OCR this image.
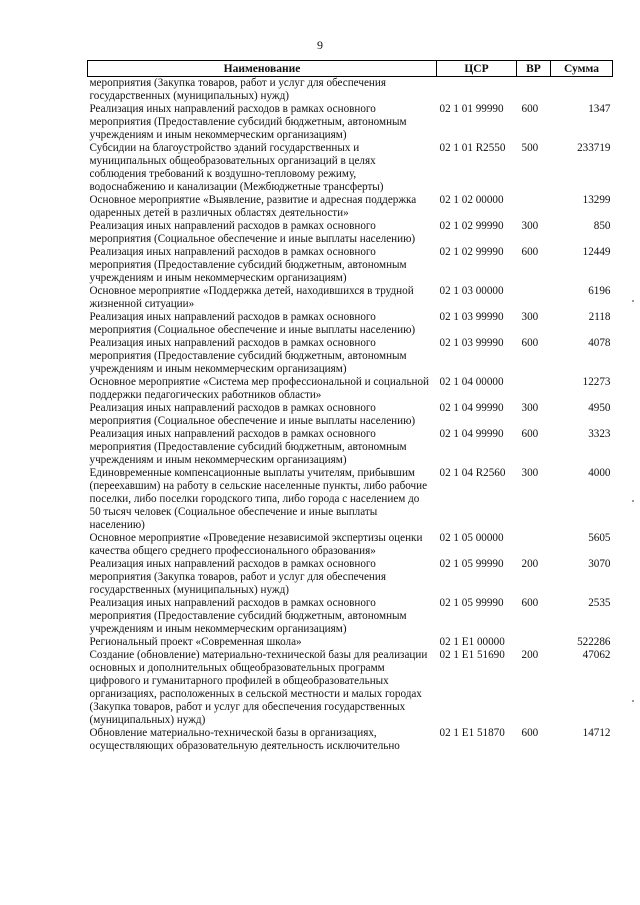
9
Наименование	ЦСР	ВР	Сумма
мероприятия (Закупка товаров, работ и услуг для обеспечения государственных (муниципальных) нужд)			
Реализация иных направлений расходов в рамках основного мероприятия (Предоставление субсидий бюджетным, автономным учреждениям и иным некоммерческим организациям)	02 1 01 99990	600	1347
Субсидии на благоустройство зданий государственных и муниципальных общеобразовательных организаций в целях соблюдения требований к воздушно-тепловому режиму, водоснабжению и канализации (Межбюджетные трансферты)	02 1 01 R2550	500	233719
Основное мероприятие «Выявление, развитие и адресная поддержка одаренных детей в различных областях деятельности»	02 1 02 00000		13299
Реализация иных направлений расходов в рамках основного мероприятия (Социальное обеспечение и иные выплаты населению)	02 1 02 99990	300	850
Реализация иных направлений расходов в рамках основного мероприятия (Предоставление субсидий бюджетным, автономным учреждениям и иным некоммерческим организациям)	02 1 02 99990	600	12449
Основное мероприятие «Поддержка детей, находившихся в трудной жизненной ситуации»	02 1 03 00000		6196
Реализация иных направлений расходов в рамках основного мероприятия (Социальное обеспечение и иные выплаты населению)	02 1 03 99990	300	2118
Реализация иных направлений расходов в рамках основного мероприятия (Предоставление субсидий бюджетным, автономным учреждениям и иным некоммерческим организациям)	02 1 03 99990	600	4078
Основное мероприятие «Система мер профессиональной и социальной поддержки педагогических работников области»	02 1 04 00000		12273
Реализация иных направлений расходов в рамках основного мероприятия (Социальное обеспечение и иные выплаты населению)	02 1 04 99990	300	4950
Реализация иных направлений расходов в рамках основного мероприятия (Предоставление субсидий бюджетным, автономным учреждениям и иным некоммерческим организациям)	02 1 04 99990	600	3323
Единовременные компенсационные выплаты учителям, прибывшим (переехавшим) на работу в сельские населенные пункты, либо рабочие поселки, либо поселки городского типа, либо города с населением до 50 тысяч человек (Социальное обеспечение и иные выплаты населению)	02 1 04 R2560	300	4000
Основное мероприятие «Проведение независимой экспертизы оценки качества общего среднего профессионального образования»	02 1 05 00000		5605
Реализация иных направлений расходов в рамках основного мероприятия (Закупка товаров, работ и услуг для обеспечения государственных (муниципальных) нужд)	02 1 05 99990	200	3070
Реализация иных направлений расходов в рамках основного мероприятия (Предоставление субсидий бюджетным, автономным учреждениям и иным некоммерческим организациям)	02 1 05 99990	600	2535
Региональный проект «Современная школа»	02 1 E1 00000		522286
Создание (обновление) материально-технической базы для реализации основных и дополнительных общеобразовательных программ цифрового и гуманитарного профилей в общеобразовательных организациях, расположенных в сельской местности и малых городах (Закупка товаров, работ и услуг для обеспечения государственных (муниципальных) нужд)	02 1 E1 51690	200	47062
Обновление материально-технической базы в организациях, осуществляющих образовательную деятельность исключительно	02 1 E1 51870	600	14712
